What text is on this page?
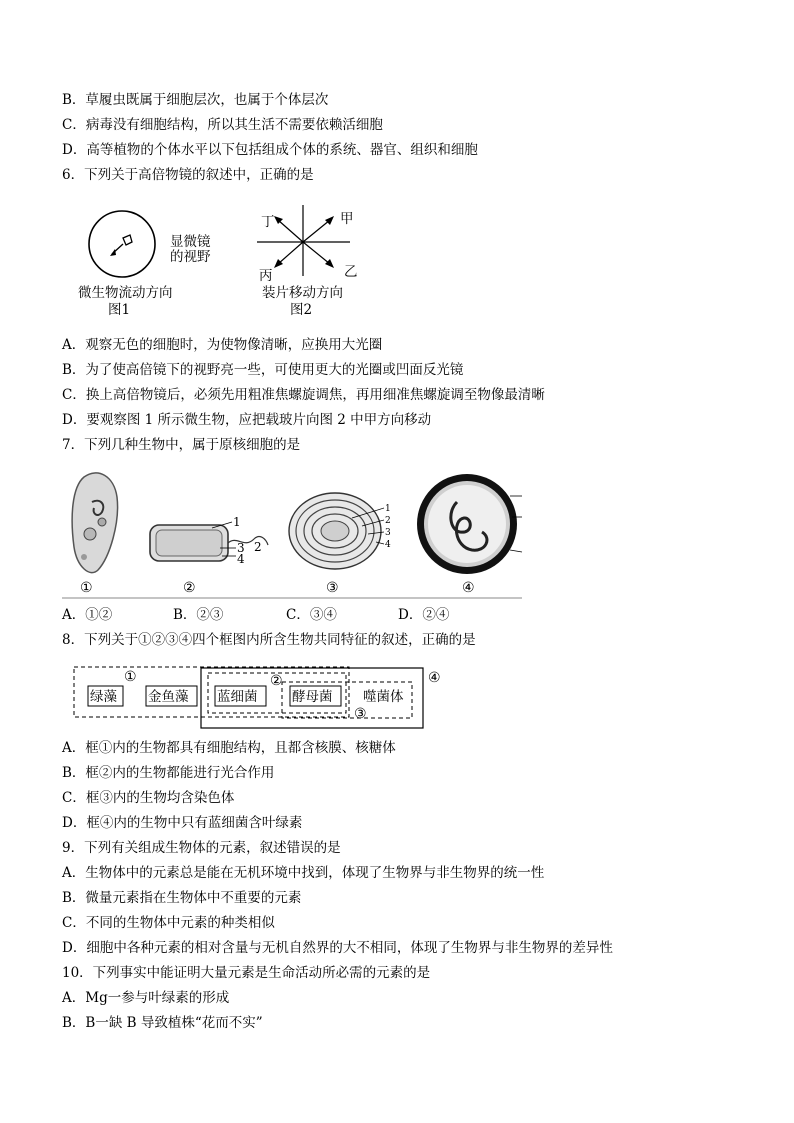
B．草履虫既属于细胞层次，也属于个体层次
C．病毒没有细胞结构，所以其生活不需要依赖活细胞
D．高等植物的个体水平以下包括组成个体的系统、器官、组织和细胞
6．下列关于高倍物镜的叙述中，正确的是
显微镜
的视野
微生物流动方向
图1
丁	甲
丙	乙
装片移动方向
图2
A．观察无色的细胞时，为使物像清晰，应换用大光圈
B．为了使高倍镜下的视野亮一些，可使用更大的光圈或凹面反光镜
C．换上高倍物镜后，必须先用粗准焦螺旋调焦，再用细准焦螺旋调至物像最清晰
D．要观察图 1 所示微生物，应把载玻片向图 2 中甲方向移动
7．下列几种生物中，属于原核细胞的是
①
1
2
3
4
②
1
2
3
4
③	④
A．①②	B．②③	C．③④	D．②④
8．下列关于①②③④四个框图内所含生物共同特征的叙述，正确的是
绿藻 金鱼藻 蓝细菌	酵母菌 噬菌体
①	②
③
④
A．框①内的生物都具有细胞结构，且都含核膜、核糖体
B．框②内的生物都能进行光合作用
C．框③内的生物均含染色体
D．框④内的生物中只有蓝细菌含叶绿素
9．下列有关组成生物体的元素，叙述错误的是
A．生物体中的元素总是能在无机环境中找到，体现了生物界与非生物界的统一性
B．微量元素指在生物体中不重要的元素
C．不同的生物体中元素的种类相似
D．细胞中各种元素的相对含量与无机自然界的大不相同，体现了生物界与非生物界的差异性
10．下列事实中能证明大量元素是生命活动所必需的元素的是
A．Mg一参与叶绿素的形成
B．B一缺 B 导致植株“花而不实”
